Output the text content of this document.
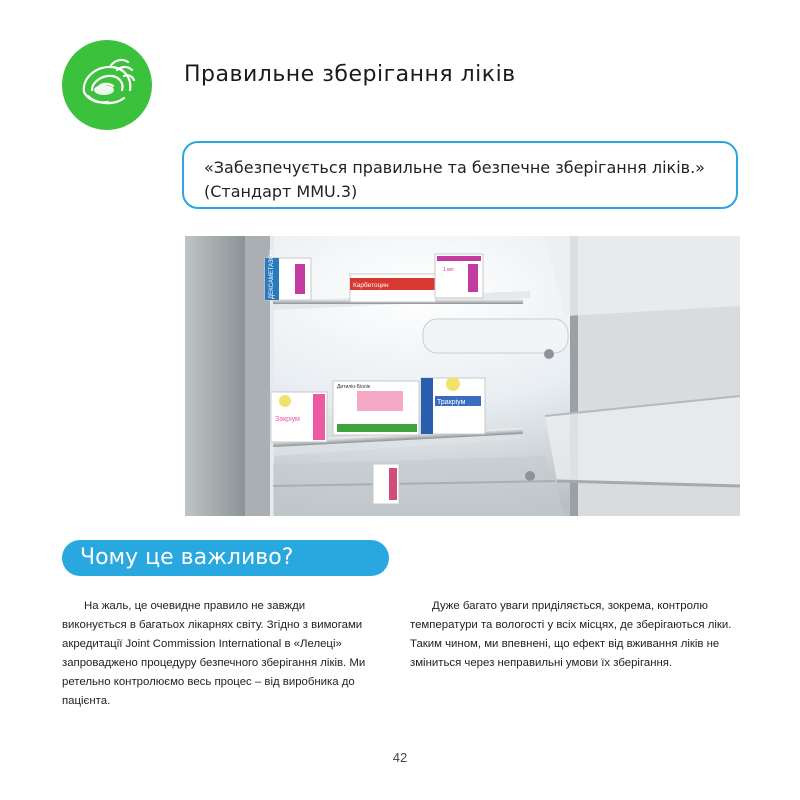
Правильне зберігання ліків
«Забезпечується правильне та безпечне зберігання ліків.»
(Стандарт MMU.3)
ДЕКСАМЕТАЗОН	Карбетоцин
1 мл
Тракріум
Закріум
Дитилін-Біолік
Чому це важливо?

На жаль, це очевидне правило не завжди виконується в багатьох лікарнях світу. Згідно з вимогами акредитації Joint Commission International в «Лелеці» запроваджено процедуру безпечного зберігання ліків. Ми ретельно контролюємо весь процес – від виробника до пацієнта.

Дуже багато уваги приділяється, зокрема, контролю температури та вологості у всіх місцях, де зберігаються ліки. Таким чином, ми впевнені, що ефект від вживання ліків не зміниться через неправильні умови їх зберігання.

42
